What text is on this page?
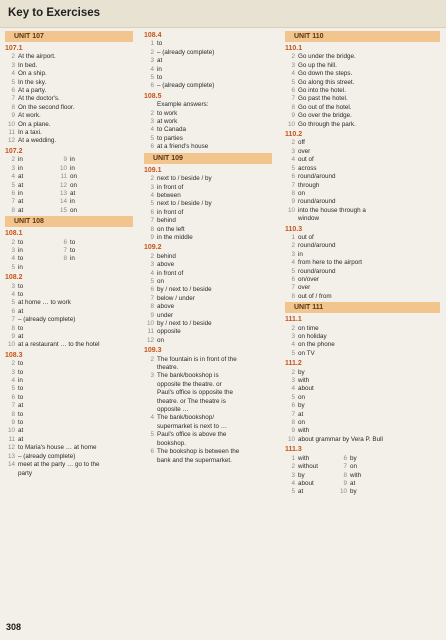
Key to Exercises
UNIT 107
107.1
2 At the airport.
3 In bed.
4 On a ship.
5 In the sky.
6 At a party.
7 At the doctor's.
8 On the second floor.
9 At work.
10 On a plane.
11 In a taxi.
12 At a wedding.
107.2
2 in	9 in
3 in	10 in
4 at	11 on
5 at	12 on
6 in	13 at
7 at	14 in
8 at	15 on
UNIT 108
108.1
2 to	6 to
3 in	7 to
4 to	8 in
5 in
108.2
3 to
4 to
5 at home … to work
6 at
7 – (already complete)
8 to
9 at
10 at a restaurant … to the hotel
108.3
2 to
3 to
4 in
5 to
6 to
7 at
8 to
9 to
10 at
11 at
12 to Maria's house … at home
13 – (already complete)
14 meet at the party … go to the
party
108.4
1 to
2 – (already complete)
3 at
4 in
5 to
6 – (already complete)
108.5
Example answers:
2 to work
3 at work
4 to Canada
5 to parties
6 at a friend's house
UNIT 109
109.1
2 next to / beside / by
3 in front of
4 between
5 next to / beside / by
6 in front of
7 behind
8 on the left
9 in the middle
109.2
2 behind
3 above
4 in front of
5 on
6 by / next to / beside
7 below / under
8 above
9 under
10 by / next to / beside
11 opposite
12 on
109.3
2 The fountain is in front of the
theatre.
3 The bank/bookshop is
opposite the theatre. or
Paul's office is opposite the
theatre. or The theatre is
opposite …
4 The bank/bookshop/
supermarket is next to …
5 Paul's office is above the
bookshop.
6 The bookshop is between the
bank and the supermarket.
UNIT 110
110.1
2 Go under the bridge.
3 Go up the hill.
4 Go down the steps.
5 Go along this street.
6 Go into the hotel.
7 Go past the hotel.
8 Go out of the hotel.
9 Go over the bridge.
10 Go through the park.
110.2
2 off
3 over
4 out of
5 across
6 round/around
7 through
8 on
9 round/around
10 into the house through a
window
110.3
1 out of
2 round/around
3 in
4 from here to the airport
5 round/around
6 on/over
7 over
8 out of / from
UNIT 111
111.1
2 on time
3 on holiday
4 on the phone
5 on TV
111.2
2 by
3 with
4 about
5 on
6 by
7 at
8 on
9 with
10 about grammar by Vera P. Bull
111.3
1 with	6 by
2 without	7 on
3 by	8 with
4 about	9 at
5 at	10 by
308
